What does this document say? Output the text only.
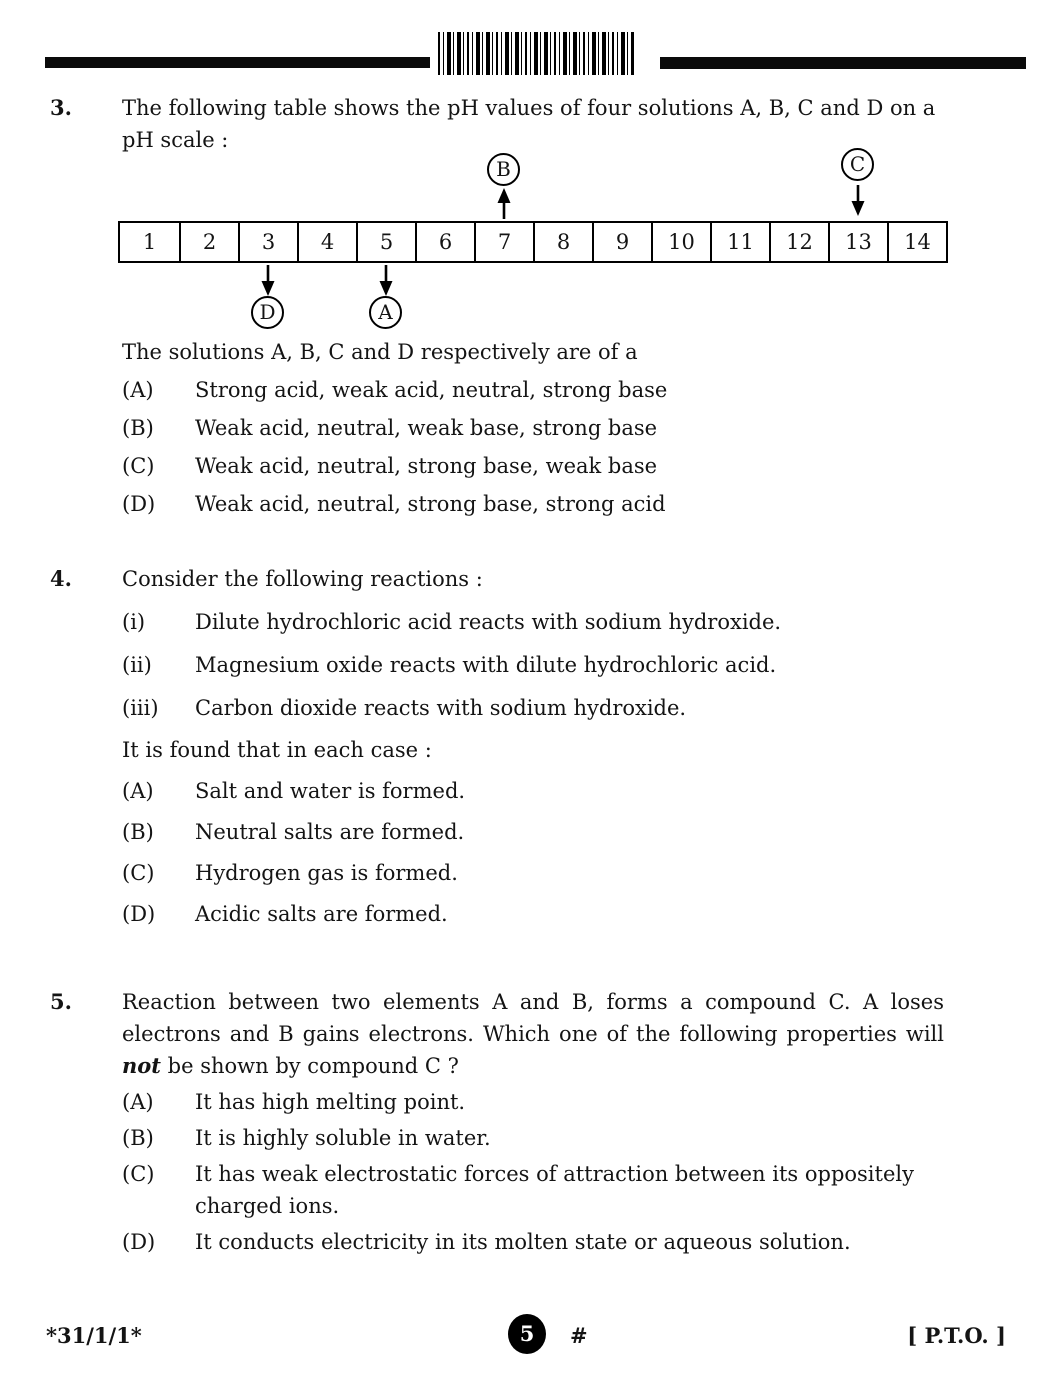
3.	The following table shows the pH values of four solutions A, B, C and D on a pH scale :

B	C
1	2	3	4	5	6	7	8	9	10	11	12	13	14
D	A

The solutions A, B, C and D respectively are of a

(A)	Strong acid, weak acid, neutral, strong base
(B)	Weak acid, neutral, weak base, strong base
(C)	Weak acid, neutral, strong base, weak base
(D)	Weak acid, neutral, strong base, strong acid
4.	Consider the following reactions :

(i)	Dilute hydrochloric acid reacts with sodium hydroxide.
(ii)	Magnesium oxide reacts with dilute hydrochloric acid.
(iii)	Carbon dioxide reacts with sodium hydroxide.

It is found that in each case :

(A)	Salt and water is formed.
(B)	Neutral salts are formed.
(C)	Hydrogen gas is formed.
(D)	Acidic salts are formed.
5.	Reaction between two elements A and B, forms a compound C. A loses electrons and B gains electrons. Which one of the following properties will not be shown by compound C ?

(A)	It has high melting point.
(B)	It is highly soluble in water.
(C)	It has weak electrostatic forces of attraction between its oppositely charged ions.
(D)	It conducts electricity in its molten state or aqueous solution.
*31/1/1*	5	#	[ P.T.O. ]
